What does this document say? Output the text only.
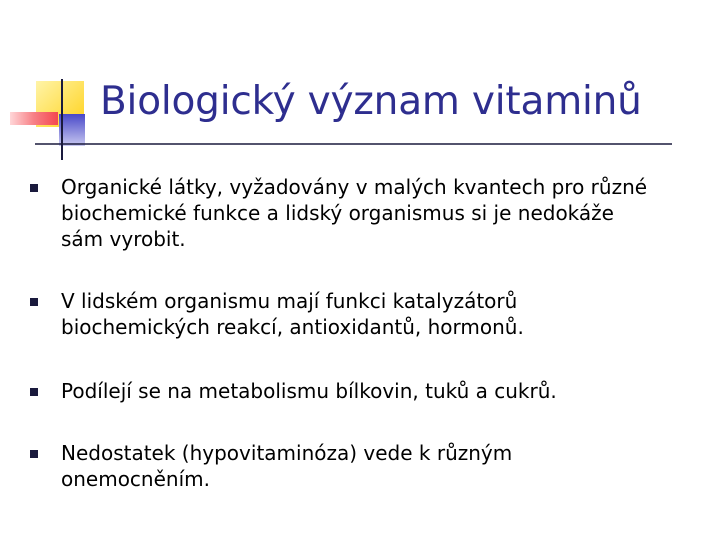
Biologický význam vitaminů
Organické látky, vyžadovány v malých kvantech pro různé biochemické funkce a lidský organismus si je nedokáže sám vyrobit.
V lidském organismu mají funkci katalyzátorů biochemických reakcí, antioxidantů, hormonů.
Podílejí se na metabolismu bílkovin, tuků a cukrů.
Nedostatek (hypovitaminóza) vede k různým onemocněním.
